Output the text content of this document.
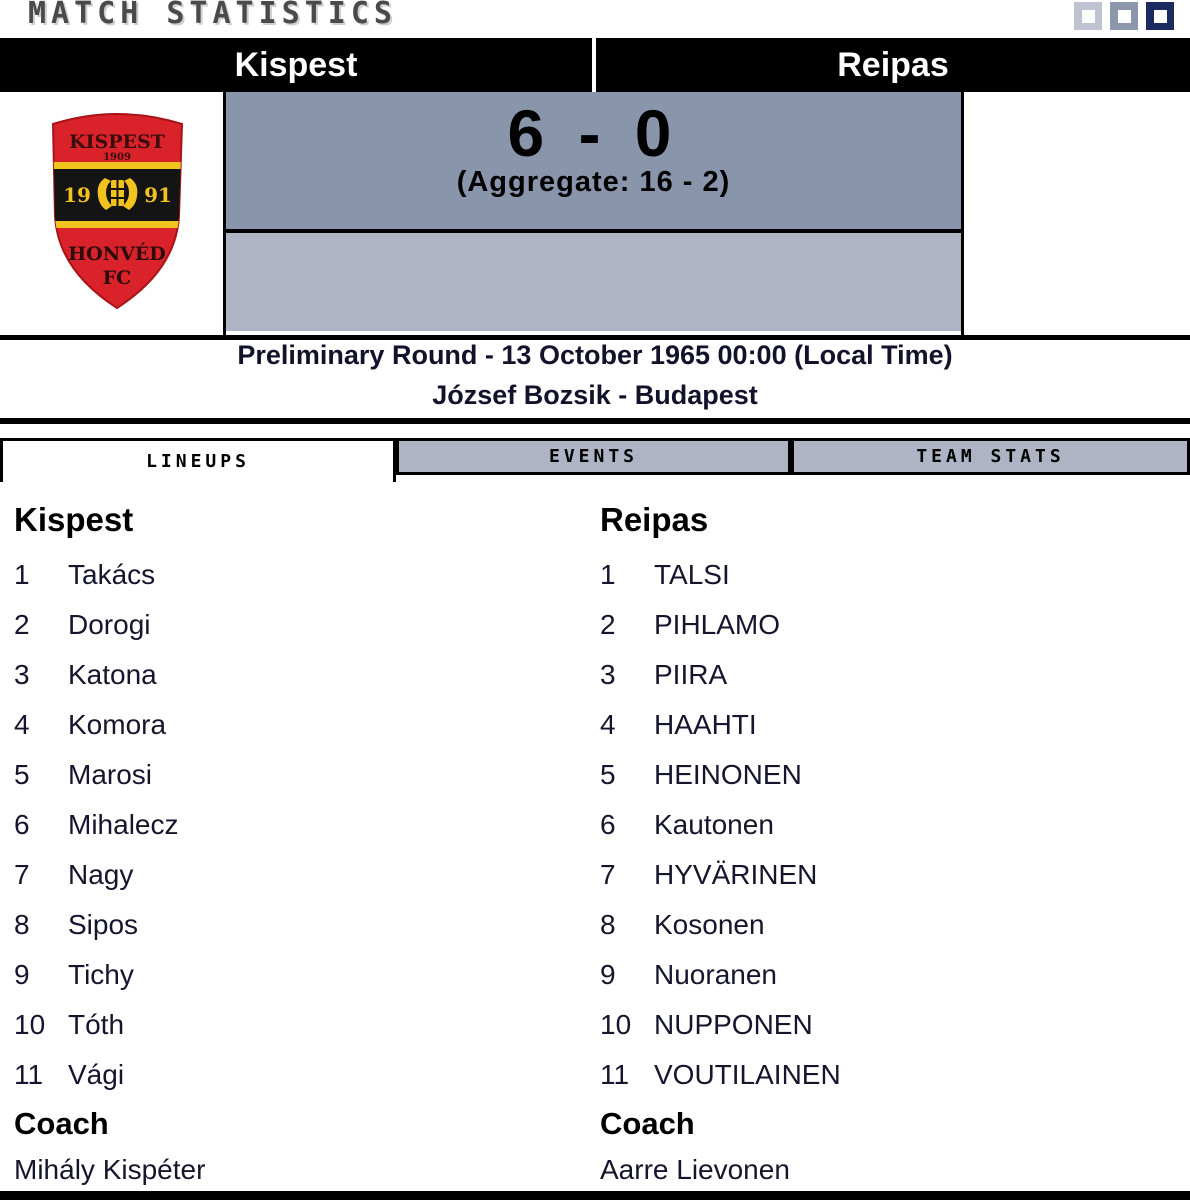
MATCH STATISTICS
Kispest	Reipas
KISPEST
1909
19	91
HONVÉD
FC
6 - 0
(Aggregate: 16 - 2)
Preliminary Round - 13 October 1965 00:00 (Local Time)
József Bozsik - Budapest
LINEUPS	EVENTS	TEAM STATS
Kispest
1	Takács
2	Dorogi
3	Katona
4	Komora
5	Marosi
6	Mihalecz
7	Nagy
8	Sipos
9	Tichy
10 Tóth
11 Vági
Coach
Mihály Kispéter
Reipas
1	TALSI
2	PIHLAMO
3	PIIRA
4	HAAHTI
5	HEINONEN
6	Kautonen
7	HYVÄRINEN
8	Kosonen
9	Nuoranen
10 NUPPONEN
11 VOUTILAINEN
Coach
Aarre Lievonen
